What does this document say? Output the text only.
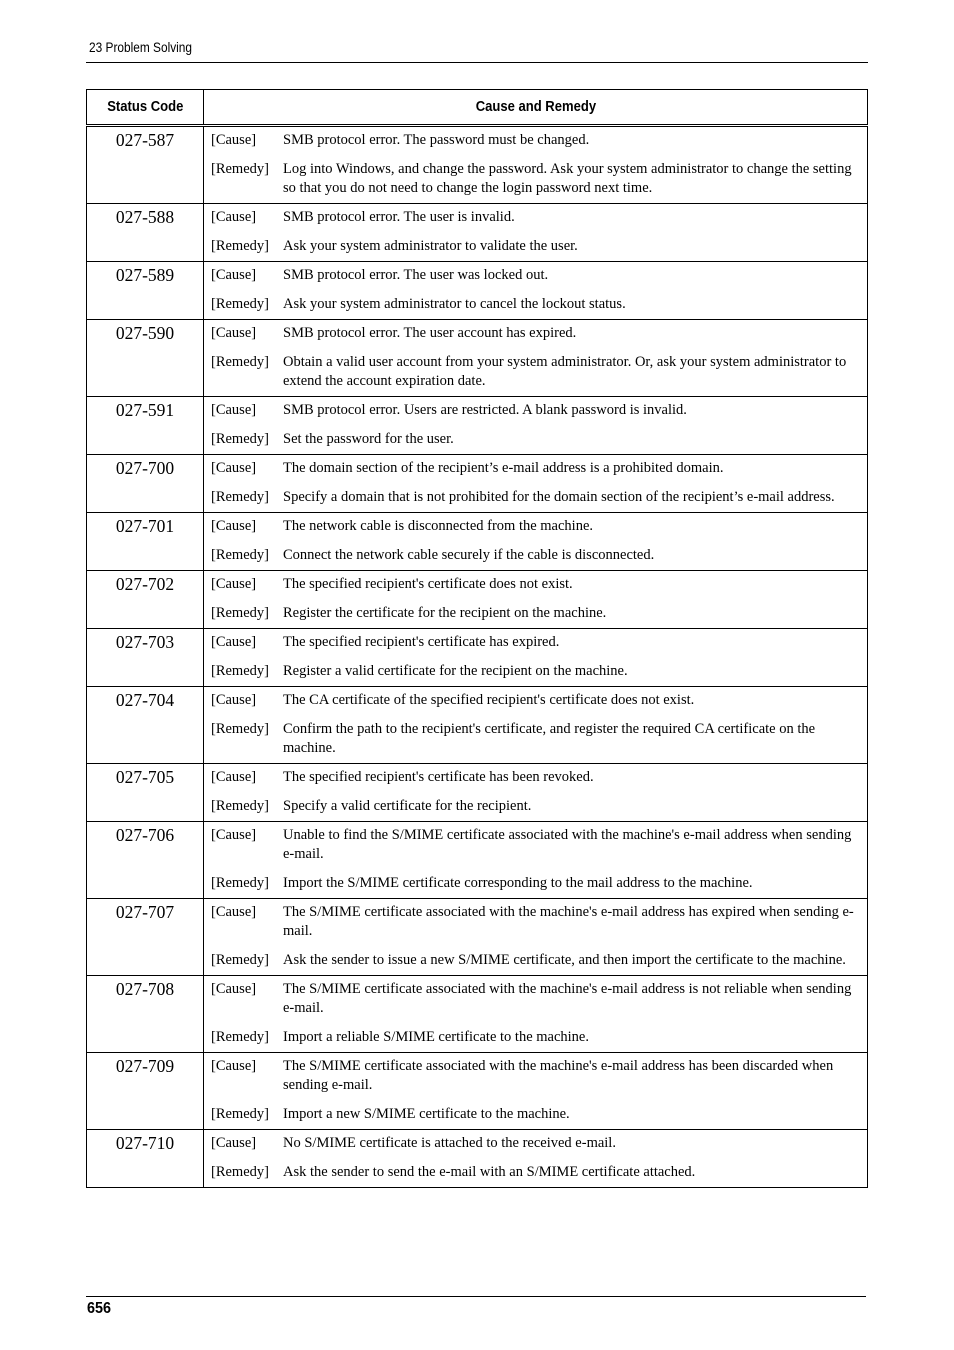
23 Problem Solving
Status Code	Cause and Remedy
027-587	[Cause] SMB protocol error. The password must be changed.
[Remedy] Log into Windows, and change the password. Ask your system administrator to change the setting so that you do not need to change the login password next time.

027-588	[Cause] SMB protocol error. The user is invalid.
[Remedy] Ask your system administrator to validate the user.

027-589	[Cause] SMB protocol error. The user was locked out.
[Remedy] Ask your system administrator to cancel the lockout status.

027-590	[Cause] SMB protocol error. The user account has expired.
[Remedy] Obtain a valid user account from your system administrator. Or, ask your system administrator to extend the account expiration date.

027-591	[Cause] SMB protocol error. Users are restricted. A blank password is invalid.
[Remedy] Set the password for the user.

027-700	[Cause] The domain section of the recipient’s e-mail address is a prohibited domain.
[Remedy] Specify a domain that is not prohibited for the domain section of the recipient’s e-mail address.

027-701	[Cause] The network cable is disconnected from the machine.
[Remedy] Connect the network cable securely if the cable is disconnected.

027-702	[Cause] The specified recipient's certificate does not exist.
[Remedy] Register the certificate for the recipient on the machine.

027-703	[Cause] The specified recipient's certificate has expired.
[Remedy] Register a valid certificate for the recipient on the machine.

027-704	[Cause] The CA certificate of the specified recipient's certificate does not exist.
[Remedy] Confirm the path to the recipient's certificate, and register the required CA certificate on the machine.

027-705	[Cause] The specified recipient's certificate has been revoked.
[Remedy] Specify a valid certificate for the recipient.

027-706	[Cause] Unable to find the S/MIME certificate associated with the machine's e-mail address when sending e-mail.
[Remedy] Import the S/MIME certificate corresponding to the mail address to the machine.

027-707	[Cause] The S/MIME certificate associated with the machine's e-mail address has expired when sending e-mail.
[Remedy] Ask the sender to issue a new S/MIME certificate, and then import the certificate to the machine.

027-708	[Cause] The S/MIME certificate associated with the machine's e-mail address is not reliable when sending e-mail.
[Remedy] Import a reliable S/MIME certificate to the machine.

027-709	[Cause] The S/MIME certificate associated with the machine's e-mail address has been discarded when sending e-mail.
[Remedy] Import a new S/MIME certificate to the machine.

027-710	[Cause] No S/MIME certificate is attached to the received e-mail.
[Remedy] Ask the sender to send the e-mail with an S/MIME certificate attached.
656
